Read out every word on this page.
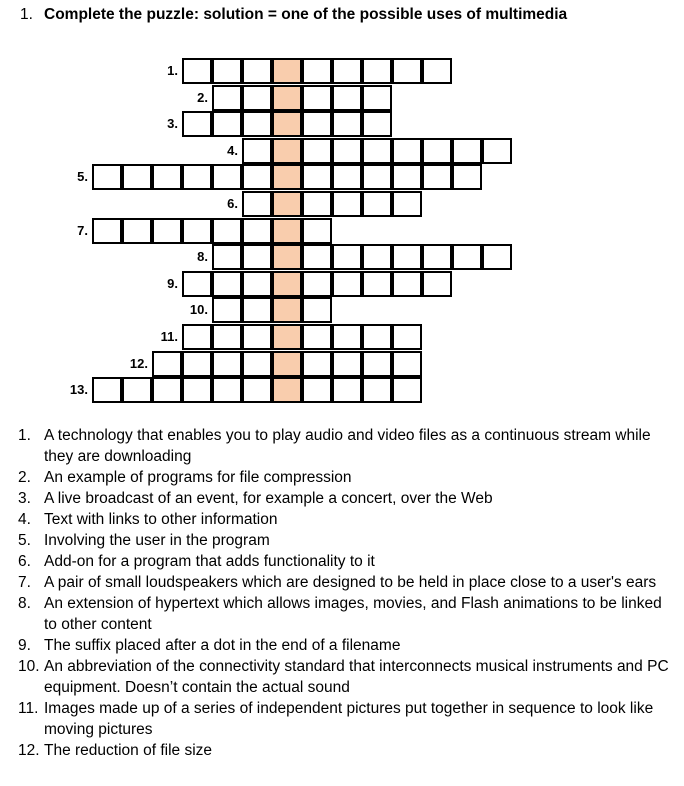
1. Complete the puzzle: solution = one of the possible uses of multimedia
1.
2.
3.
4.
5.
6.
7.
8.
9.
10.
11.
12.
13.
1. A technology that enables you to play audio and video files as a continuous stream while they are downloading
2. An example of programs for file compression
3. A live broadcast of an event, for example a concert, over the Web
4. Text with links to other information
5. Involving the user in the program
6. Add-on for a program that adds functionality to it
7. A pair of small loudspeakers which are designed to be held in place close to a user's ears
8. An extension of hypertext which allows images, movies, and Flash animations to be linked to other content
9. The suffix placed after a dot in the end of a filename
10. An abbreviation of the connectivity standard that interconnects musical instruments and PC equipment. Doesn’t contain the actual sound
11. Images made up of a series of independent pictures put together in sequence to look like moving pictures
12. The reduction of file size
